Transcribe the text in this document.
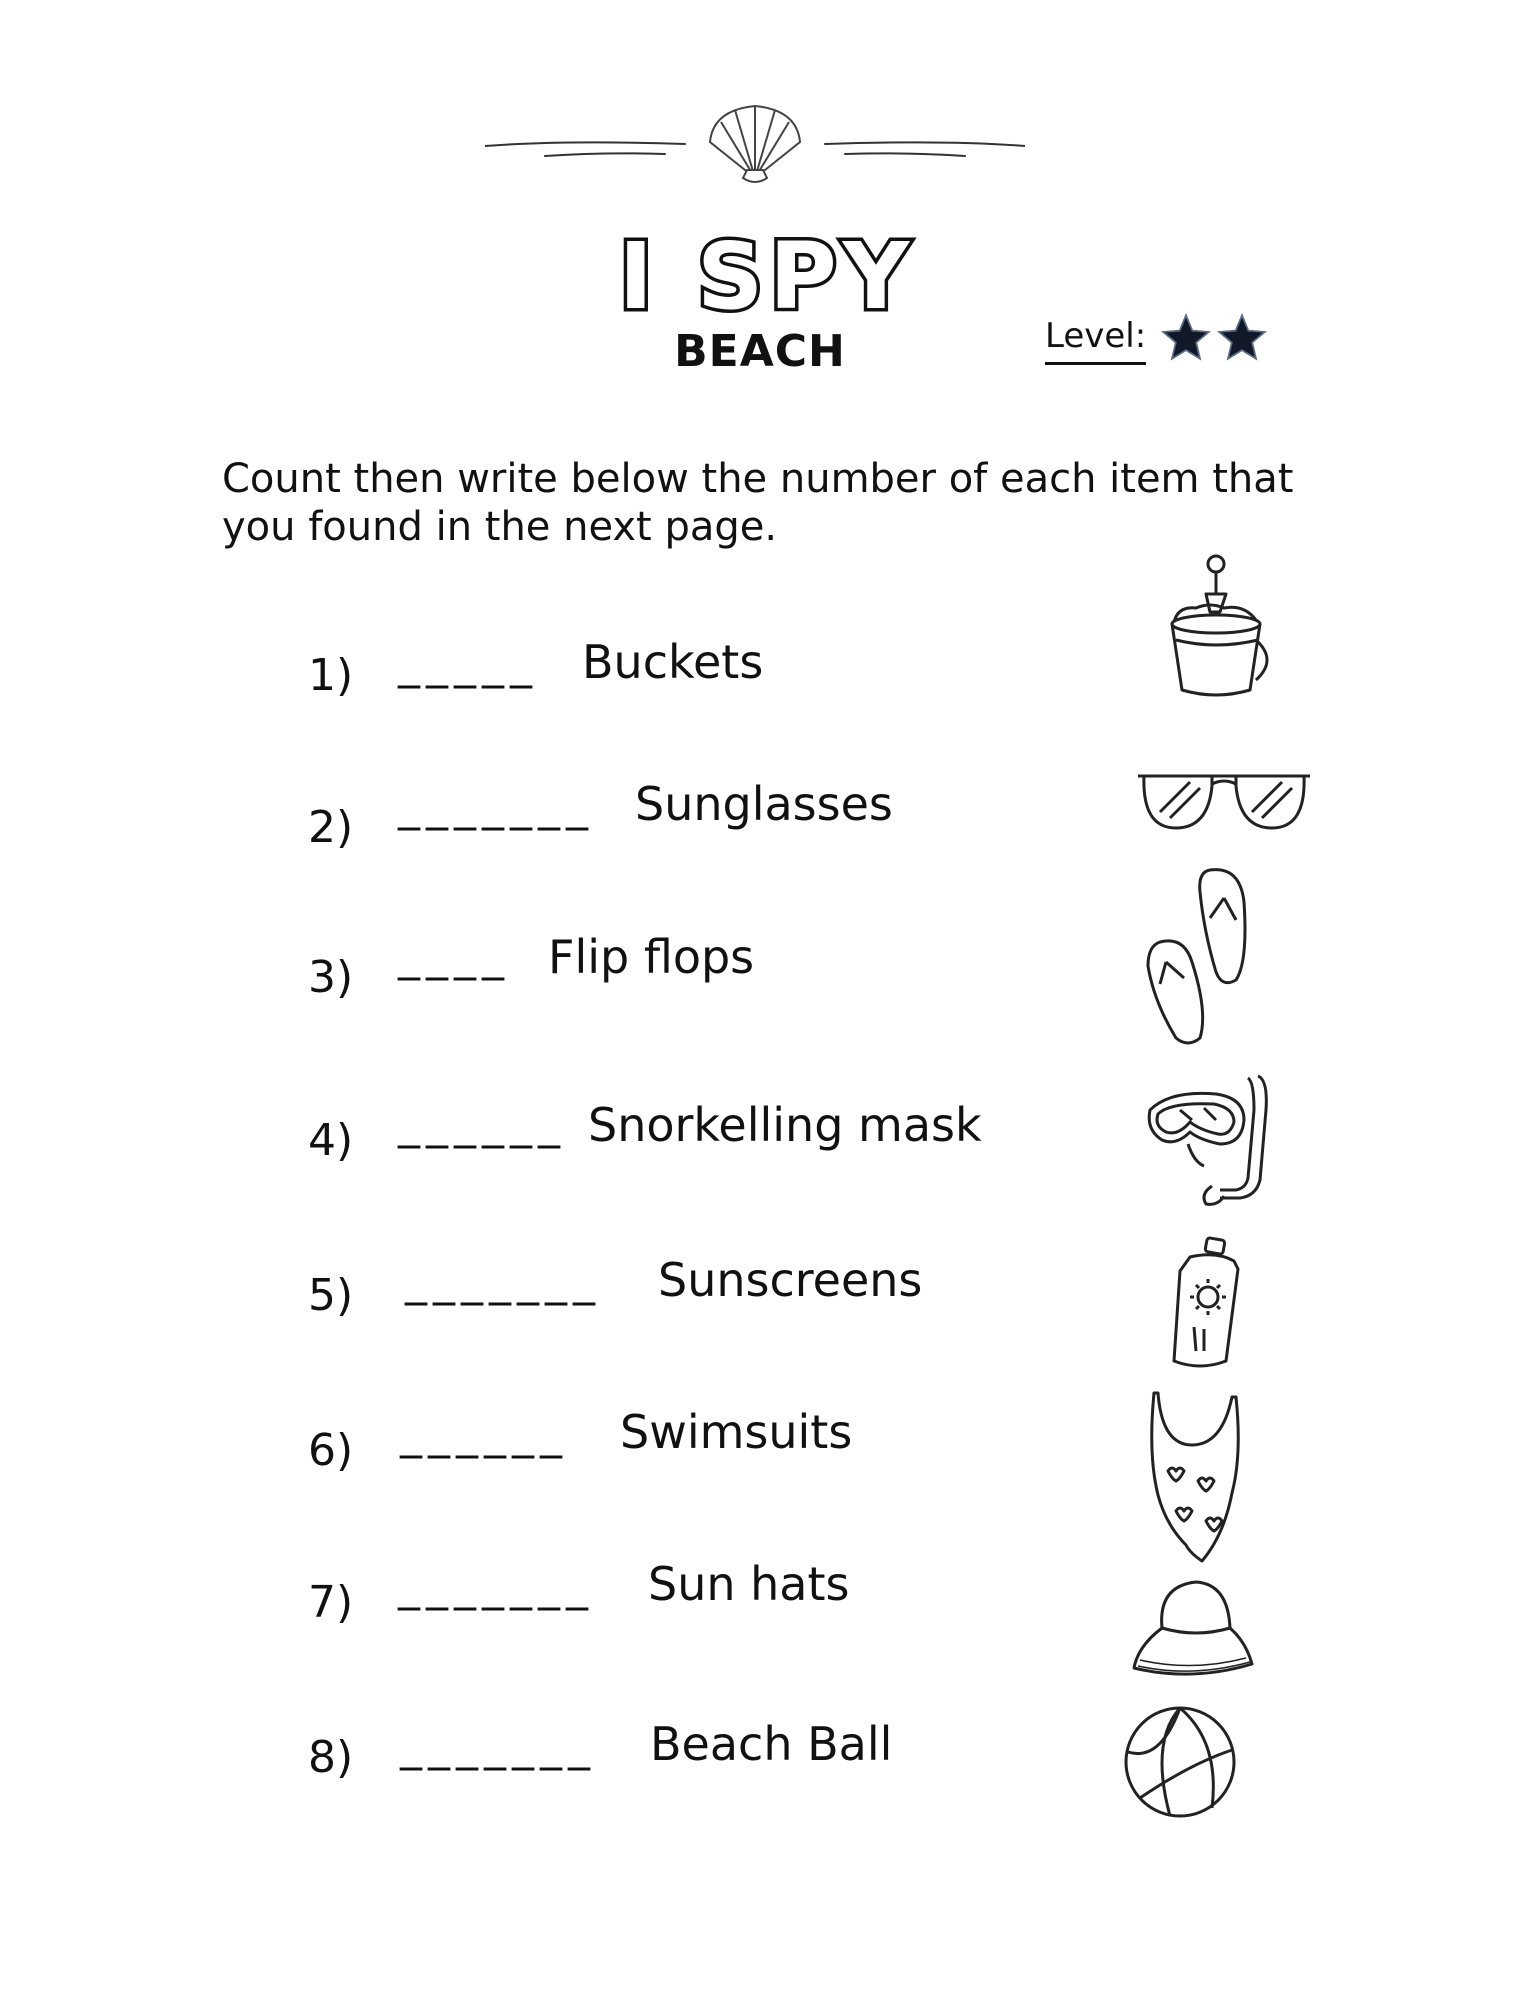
I SPY
BEACH	Level:
Count then write below the number of each item that you found in the next page.
1) _____ Buckets
2) _______ Sunglasses
3) ____ Flip flops
4) ______ Snorkelling mask
5) _______ Sunscreens
6) ______ Swimsuits
7) _______ Sun hats
8) _______ Beach Ball
